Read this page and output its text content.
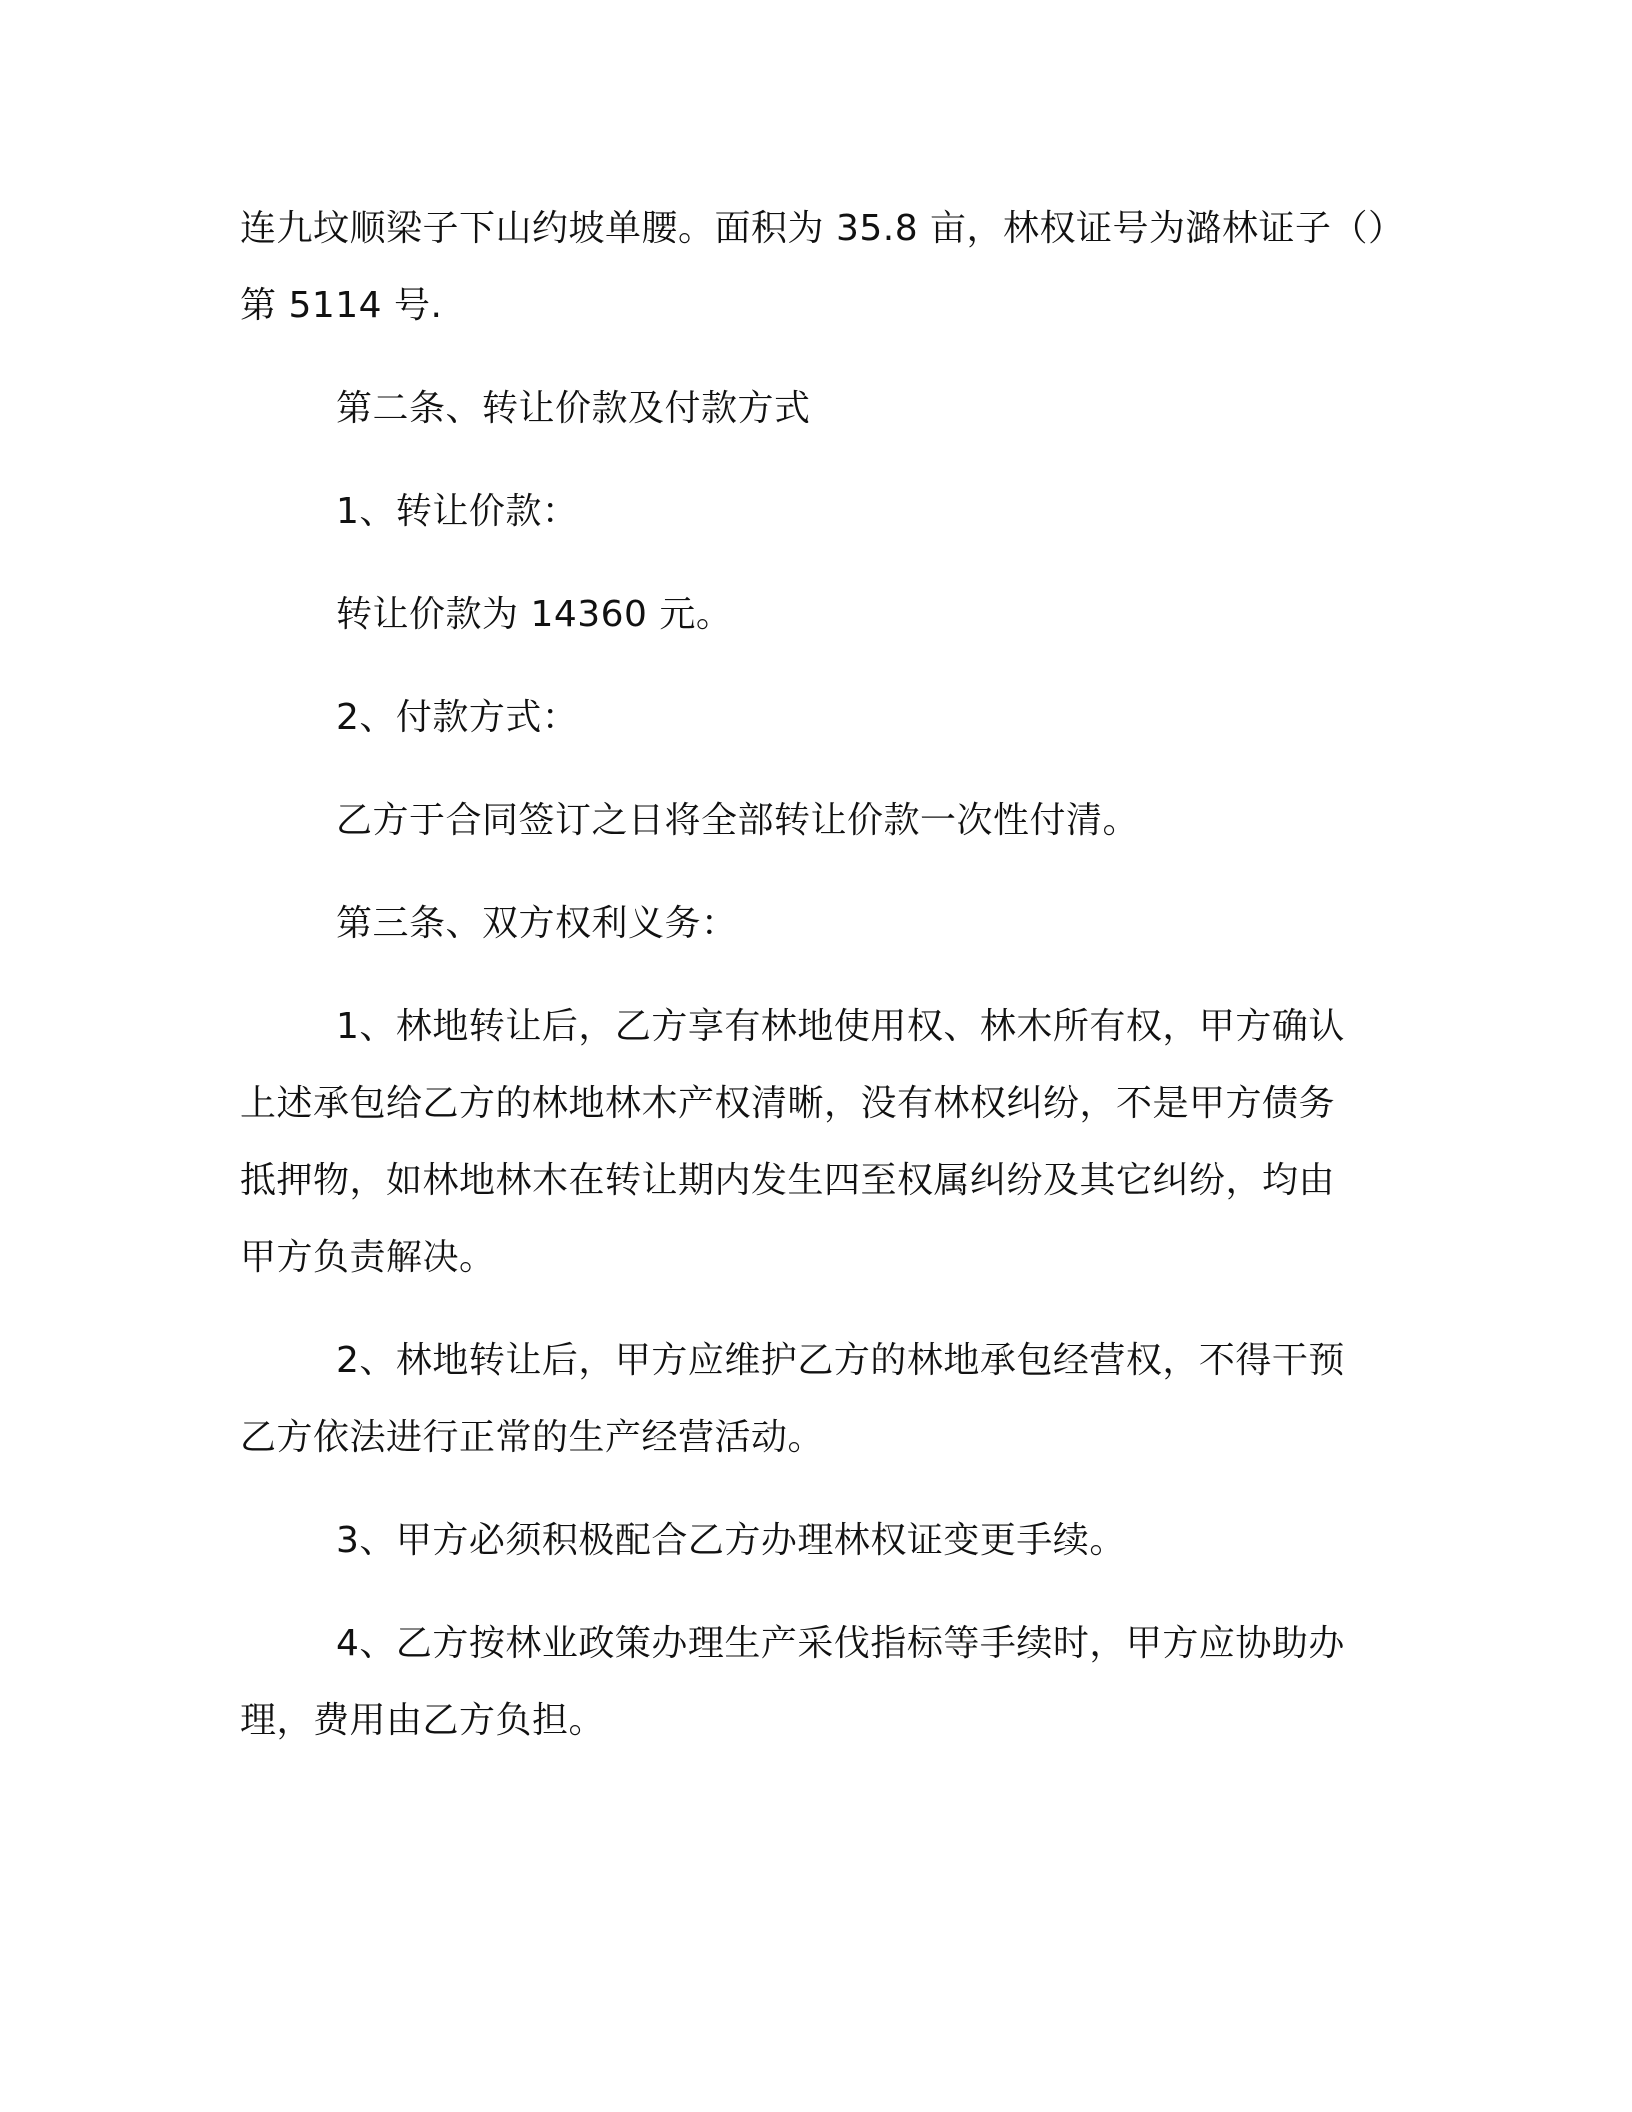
连九坟顺梁子下山约坡单腰。面积为 35.8 亩，林权证号为潞林证子（）
第 5114 号.

第二条、转让价款及付款方式

1、转让价款：

转让价款为 14360 元。

2、付款方式：

乙方于合同签订之日将全部转让价款一次性付清。

第三条、双方权利义务：

1、林地转让后，乙方享有林地使用权、林木所有权，甲方确认
上述承包给乙方的林地林木产权清晰，没有林权纠纷，不是甲方债务
抵押物，如林地林木在转让期内发生四至权属纠纷及其它纠纷，均由
甲方负责解决。

2、林地转让后，甲方应维护乙方的林地承包经营权，不得干预
乙方依法进行正常的生产经营活动。

3、甲方必须积极配合乙方办理林权证变更手续。

4、乙方按林业政策办理生产采伐指标等手续时，甲方应协助办
理，费用由乙方负担。
